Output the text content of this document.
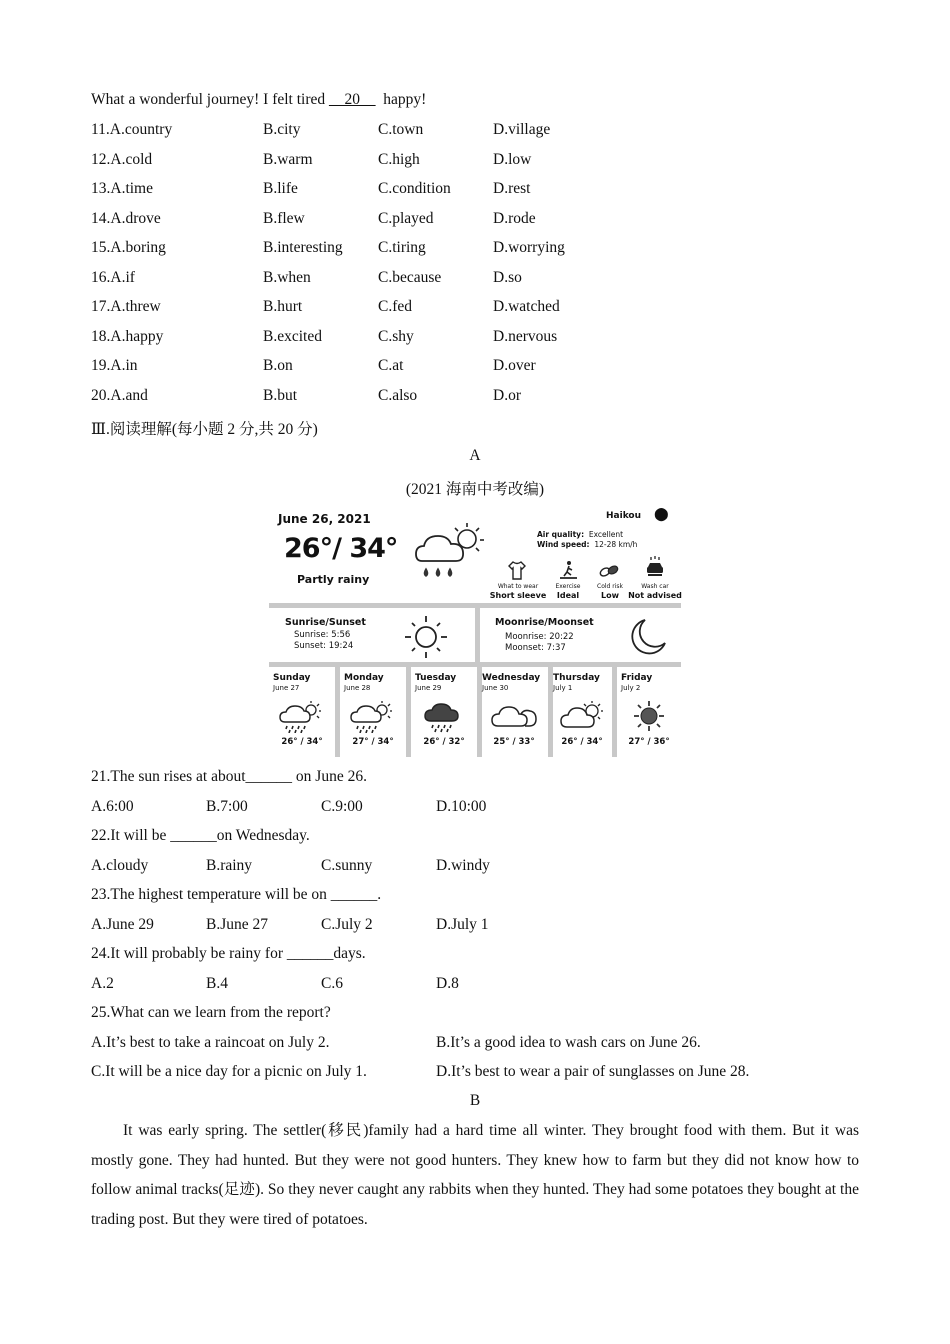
What a wonderful journey! I felt tired __20__ happy!
11.A.country	B.city	C.town	D.village
12.A.cold	B.warm	C.high	D.low
13.A.time	B.life	C.condition	D.rest
14.A.drove	B.flew	C.played	D.rode
15.A.boring	B.interesting C.tiring	D.worrying
16.A.if	B.when	C.because	D.so
17.A.threw	B.hurt	C.fed	D.watched
18.A.happy	B.excited	C.shy	D.nervous
19.A.in	B.on	C.at	D.over
20.A.and	B.but	C.also	D.or
Ⅲ.阅读理解(每小题 2 分,共 20 分)
A
(2021 海南中考改编)
June 26, 2021
26°/ 34°
Partly rainy
Haikou ⬤
Air quality: Excellent
Wind speed: 12-28 km/h
What to wear
Short sleeve
Exercise
Ideal
Cold risk
Low
Wash car
Not advised
Sunrise/Sunset
Sunrise: 5:56
Sunset: 19:24
Moonrise/Moonset
Moonrise: 20:22
Moonset: 7:37
Sunday
June 27
26° / 34°
Monday
June 28
27° / 34°
Tuesday
June 29
26° / 32°
Wednesday
June 30
25° / 33°
Thursday
July 1
26° / 34°
Friday
July 2
27° / 36°
21.The sun rises at about______ on June 26.
A.6:00	B.7:00	C.9:00	D.10:00
22.It will be ______on Wednesday.
A.cloudy	B.rainy	C.sunny	D.windy
23.The highest temperature will be on ______.
A.June 29	B.June 27	C.July 2	D.July 1
24.It will probably be rainy for ______days.
A.2	B.4	C.6	D.8
25.What can we learn from the report?
A.It’s best to take a raincoat on July 2.	B.It’s a good idea to wash cars on June 26.
C.It will be a nice day for a picnic on July 1.	D.It’s best to wear a pair of sunglasses on June 28.
B

It was early spring. The settler(移民)family had a hard time all winter. They brought food with them. But it was mostly gone. They had hunted. But they were not good hunters. They knew how to farm but they did not know how to follow animal tracks(足迹). So they never caught any rabbits when they hunted. They had some potatoes they bought at the trading post. But they were tired of potatoes.
